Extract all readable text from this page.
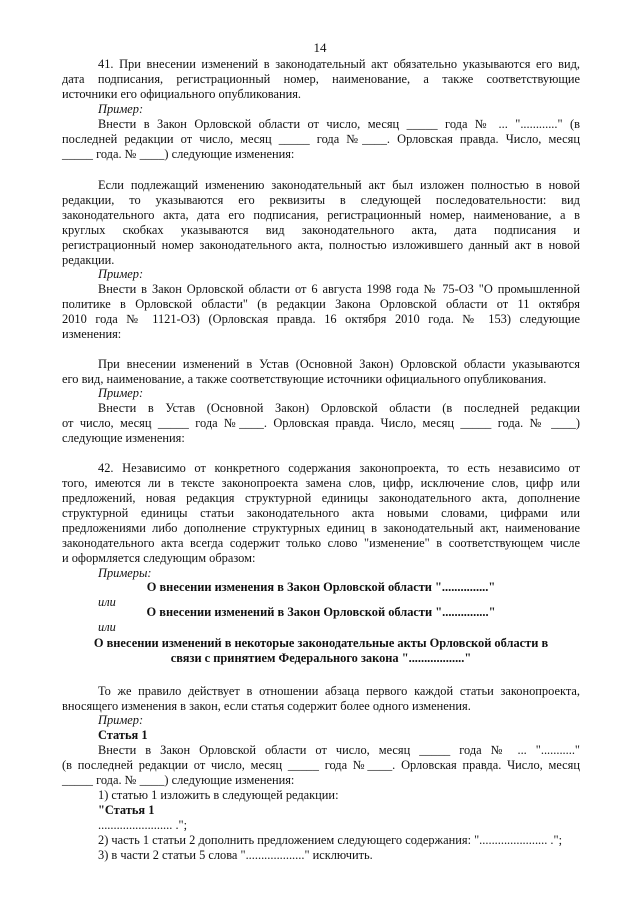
14
41. При внесении изменений в законодательный акт обязательно указываются его вид,
дата подписания, регистрационный номер, наименование, а также соответствующие
источники его официального опубликования.
Пример:
Внести в Закон Орловской области от число, месяц _____ года № ... "............" (в
последней редакции от число, месяц _____ года №____. Орловская правда. Число, месяц
_____ года. № ____) следующие изменения:
Если подлежащий изменению законодательный акт был изложен полностью в новой
редакции, то указываются его реквизиты в следующей последовательности: вид
законодательного акта, дата его подписания, регистрационный номер, наименование, а в
круглых скобках указываются вид законодательного акта, дата подписания и
регистрационный номер законодательного акта, полностью изложившего данный акт в новой
редакции.
Пример:
Внести в Закон Орловской области от 6 августа 1998 года № 75-ОЗ "О промышленной
политике в Орловской области" (в редакции Закона Орловской области от 11 октября
2010 года № 1121-ОЗ) (Орловская правда. 16 октября 2010 года. № 153) следующие
изменения:
При внесении изменений в Устав (Основной Закон) Орловской области указываются
его вид, наименование, а также соответствующие источники официального опубликования.
Пример:
Внести в Устав (Основной Закон) Орловской области (в последней редакции
от число, месяц _____ года №____. Орловская правда. Число, месяц _____ года. № ____)
следующие изменения:
42. Независимо от конкретного содержания законопроекта, то есть независимо от
того, имеются ли в тексте законопроекта замена слов, цифр, исключение слов, цифр или
предложений, новая редакция структурной единицы законодательного акта, дополнение
структурной единицы статьи законодательного акта новыми словами, цифрами или
предложениями либо дополнение структурных единиц в законодательный акт, наименование
законодательного акта всегда содержит только слово "изменение" в соответствующем числе
и оформляется следующим образом:
Примеры:
О внесении изменения в Закон Орловской области "..............."
или
О внесении изменений в Закон Орловской области "..............."
или
О внесении изменений в некоторые законодательные акты Орловской области в
связи с принятием Федерального закона ".................."
То же правило действует в отношении абзаца первого каждой статьи законопроекта,
вносящего изменения в закон, если статья содержит более одного изменения.
Пример:
Статья 1
Внести в Закон Орловской области от число, месяц _____ года № ... "..........."
(в последней редакции от число, месяц _____ года №____. Орловская правда. Число, месяц
_____ года. № ____) следующие изменения:
1) статью 1 изложить в следующей редакции:
"Статья 1
........................ .";
2) часть 1 статьи 2 дополнить предложением следующего содержания: "...................... .";
3) в части 2 статьи 5 слова "..................." исключить.
